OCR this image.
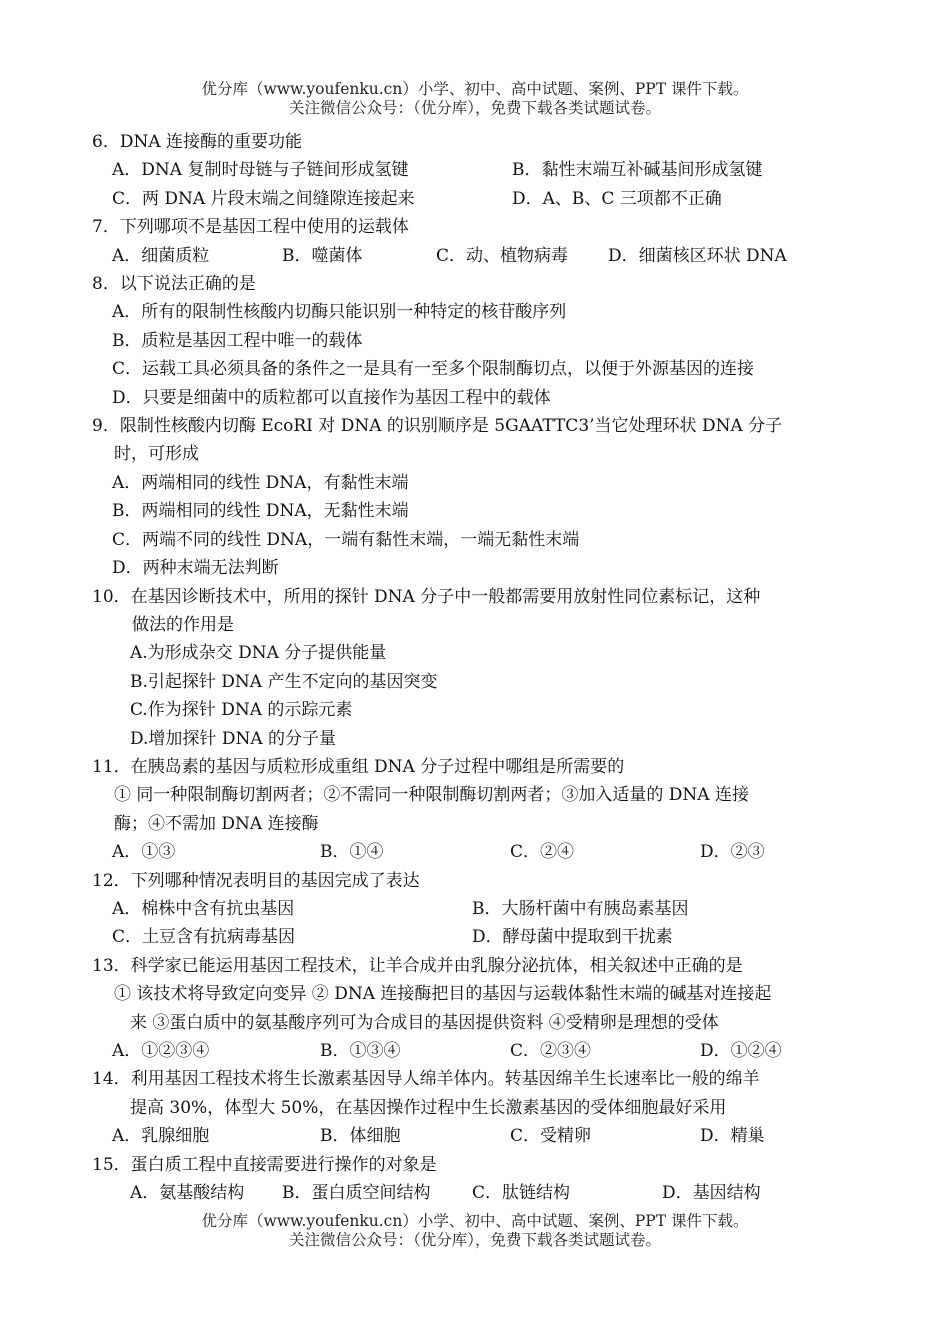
优分库（www.youfenku.cn）小学、初中、高中试题、案例、PPT 课件下载。
关注微信公众号：（优分库），免费下载各类试题试卷。
6．DNA 连接酶的重要功能
A．DNA 复制时母链与子链间形成氢键	B．黏性末端互补碱基间形成氢键
C．两 DNA 片段末端之间缝隙连接起来	D．A、B、C 三项都不正确
7．下列哪项不是基因工程中使用的运载体
A．细菌质粒	B．噬菌体	C．动、植物病毒	D．细菌核区环状 DNA
8．以下说法正确的是
A．所有的限制性核酸内切酶只能识别一种特定的核苷酸序列
B．质粒是基因工程中唯一的载体
C．运载工具必须具备的条件之一是具有一至多个限制酶切点，以便于外源基因的连接
D．只要是细菌中的质粒都可以直接作为基因工程中的载体
9．限制性核酸内切酶 EcoRI 对 DNA 的识别顺序是 5GAATTC3’当它处理环状 DNA 分子
时，可形成
A．两端相同的线性 DNA，有黏性末端
B．两端相同的线性 DNA，无黏性末端
C．两端不同的线性 DNA，一端有黏性末端，一端无黏性末端
D．两种末端无法判断
10．在基因诊断技术中，所用的探针 DNA 分子中一般都需要用放射性同位素标记，这种
做法的作用是
A.为形成杂交 DNA 分子提供能量
B.引起探针 DNA 产生不定向的基因突变
C.作为探针 DNA 的示踪元素
D.增加探针 DNA 的分子量
11．在胰岛素的基因与质粒形成重组 DNA 分子过程中哪组是所需要的
① 同一种限制酶切割两者；②不需同一种限制酶切割两者；③加入适量的 DNA 连接
酶；④不需加 DNA 连接酶
A．①③	B．①④	C．②④	D．②③
12．下列哪种情况表明目的基因完成了表达
A．棉株中含有抗虫基因	B．大肠杆菌中有胰岛素基因
C．土豆含有抗病毒基因	D．酵母菌中提取到干扰素
13．科学家已能运用基因工程技术，让羊合成并由乳腺分泌抗体，相关叙述中正确的是
① 该技术将导致定向变异 ② DNA 连接酶把目的基因与运载体黏性末端的碱基对连接起
来 ③蛋白质中的氨基酸序列可为合成目的基因提供资料 ④受精卵是理想的受体
A．①②③④	B．①③④	C．②③④	D．①②④
14．利用基因工程技术将生长激素基因导人绵羊体内。转基因绵羊生长速率比一般的绵羊
提高 30%，体型大 50%，在基因操作过程中生长激素基因的受体细胞最好采用
A．乳腺细胞	B．体细胞	C．受精卵	D．精巢
15．蛋白质工程中直接需要进行操作的对象是
A．氨基酸结构	B．蛋白质空间结构	C．肽链结构	D．基因结构
优分库（www.youfenku.cn）小学、初中、高中试题、案例、PPT 课件下载。
关注微信公众号：（优分库），免费下载各类试题试卷。
